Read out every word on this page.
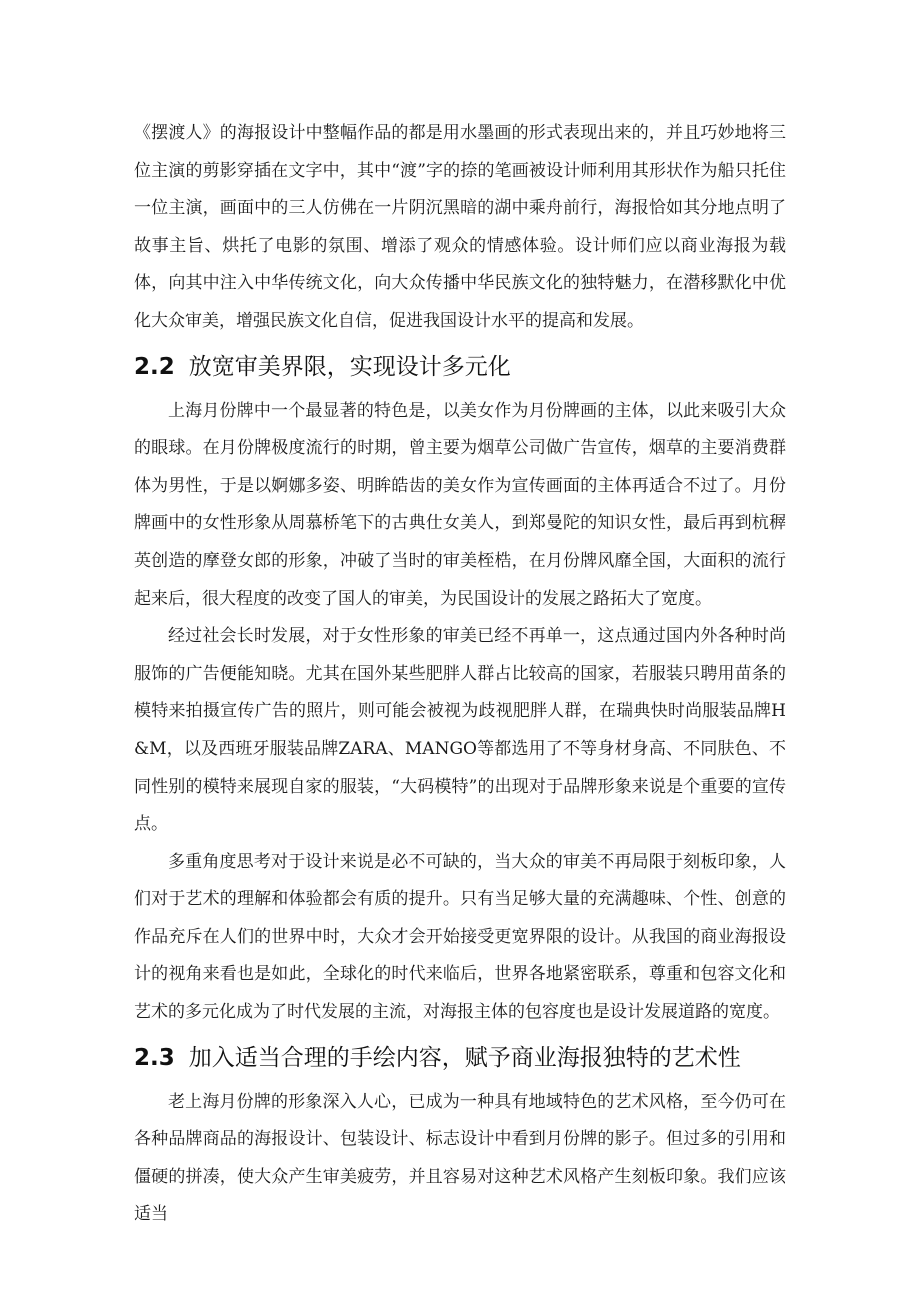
《摆渡人》的海报设计中整幅作品的都是用水墨画的形式表现出来的，并且巧妙地将三位主演的剪影穿插在文字中，其中“渡”字的捺的笔画被设计师利用其形状作为船只托住一位主演，画面中的三人仿佛在一片阴沉黑暗的湖中乘舟前行，海报恰如其分地点明了故事主旨、烘托了电影的氛围、增添了观众的情感体验。设计师们应以商业海报为载体，向其中注入中华传统文化，向大众传播中华民族文化的独特魅力，在潜移默化中优化大众审美，增强民族文化自信，促进我国设计水平的提高和发展。

2.2 放宽审美界限，实现设计多元化

上海月份牌中一个最显著的特色是，以美女作为月份牌画的主体，以此来吸引大众的眼球。在月份牌极度流行的时期，曾主要为烟草公司做广告宣传，烟草的主要消费群体为男性，于是以婀娜多姿、明眸皓齿的美女作为宣传画面的主体再适合不过了。月份牌画中的女性形象从周慕桥笔下的古典仕女美人，到郑曼陀的知识女性，最后再到杭稺英创造的摩登女郎的形象，冲破了当时的审美桎梏，在月份牌风靡全国，大面积的流行起来后，很大程度的改变了国人的审美，为民国设计的发展之路拓大了宽度。

经过社会长时发展，对于女性形象的审美已经不再单一，这点通过国内外各种时尚服饰的广告便能知晓。尤其在国外某些肥胖人群占比较高的国家，若服装只聘用苗条的模特来拍摄宣传广告的照片，则可能会被视为歧视肥胖人群，在瑞典快时尚服装品牌H&M，以及西班牙服装品牌ZARA、MANGO等都选用了不等身材身高、不同肤色、不同性别的模特来展现自家的服装，“大码模特”的出现对于品牌形象来说是个重要的宣传点。

多重角度思考对于设计来说是必不可缺的，当大众的审美不再局限于刻板印象，人们对于艺术的理解和体验都会有质的提升。只有当足够大量的充满趣味、个性、创意的作品充斥在人们的世界中时，大众才会开始接受更宽界限的设计。从我国的商业海报设计的视角来看也是如此，全球化的时代来临后，世界各地紧密联系，尊重和包容文化和艺术的多元化成为了时代发展的主流，对海报主体的包容度也是设计发展道路的宽度。

2.3 加入适当合理的手绘内容，赋予商业海报独特的艺术性

老上海月份牌的形象深入人心，已成为一种具有地域特色的艺术风格，至今仍可在各种品牌商品的海报设计、包装设计、标志设计中看到月份牌的影子。但过多的引用和僵硬的拼凑，使大众产生审美疲劳，并且容易对这种艺术风格产生刻板印象。我们应该适当
